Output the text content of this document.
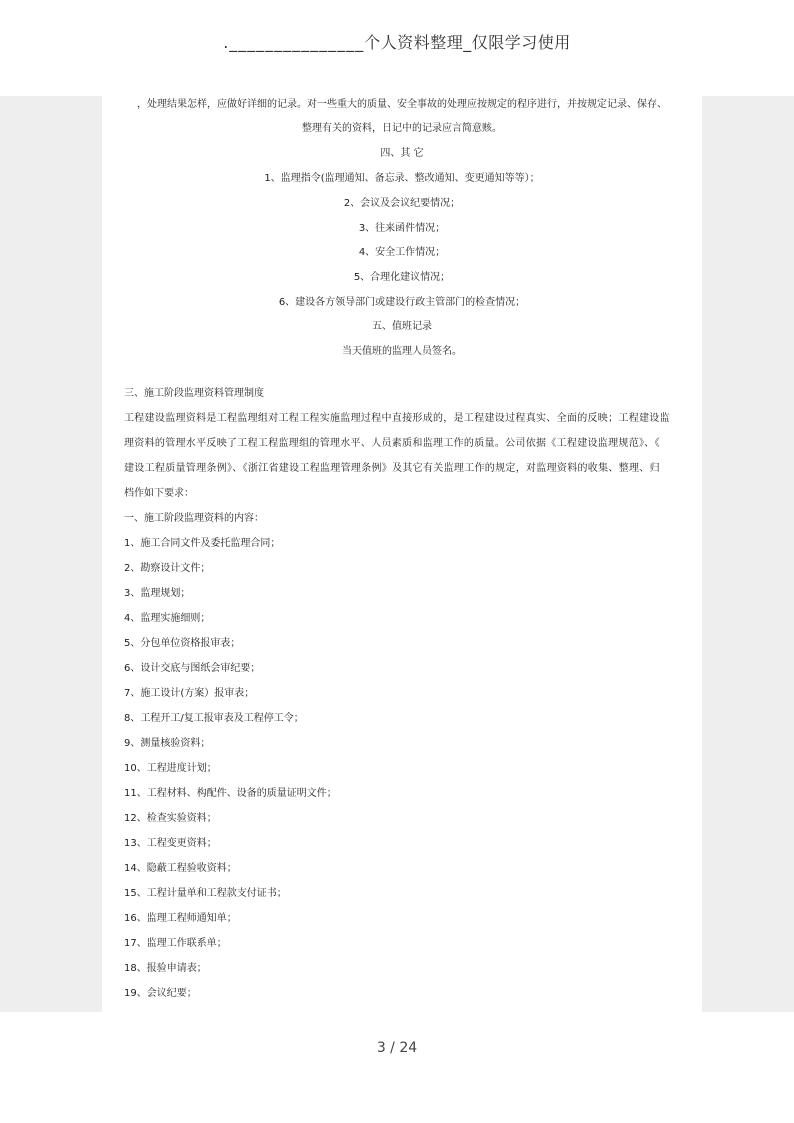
._______________个人资料整理_仅限学习使用
，处理结果怎样，应做好详细的记录。对一些重大的质量、安全事故的处理应按规定的程序进行，并按规定记录、保存、
整理有关的资料，日记中的记录应言简意赅。
四、其 它
1、监理指令(监理通知、备忘录、整改通知、变更通知等等）；
2、会议及会议纪要情况；
3、往来函件情况；
4、安全工作情况；
5、合理化建议情况；
6、建设各方领导部门或建设行政主管部门的检查情况；
五、值班记录
当天值班的监理人员签名。
三、施工阶段监理资料管理制度
工程建设监理资料是工程监理组对工程工程实施监理过程中直接形成的，是工程建设过程真实、全面的反映；工程建设监
理资料的管理水平反映了工程工程监理组的管理水平、人员素质和监理工作的质量。公司依据《工程建设监理规范》、《
建设工程质量管理条例》、《浙江省建设工程监理管理条例》及其它有关监理工作的规定，对监理资料的收集、整理、归
档作如下要求：
一、施工阶段监理资料的内容：
1、施工合同文件及委托监理合同；
2、勘察设计文件；
3、监理规划；
4、监理实施细则；
5、分包单位资格报审表；
6、设计交底与图纸会审纪要；
7、施工设计(方案）报审表；
8、工程开工/复工报审表及工程停工令；
9、测量核验资料；
10、工程进度计划；
11、工程材料、构配件、设备的质量证明文件；
12、检查实验资料；
13、工程变更资料；
14、隐蔽工程验收资料；
15、工程计量单和工程款支付证书；
16、监理工程师通知单；
17、监理工作联系单；
18、报验申请表；
19、会议纪要；
3 / 24
